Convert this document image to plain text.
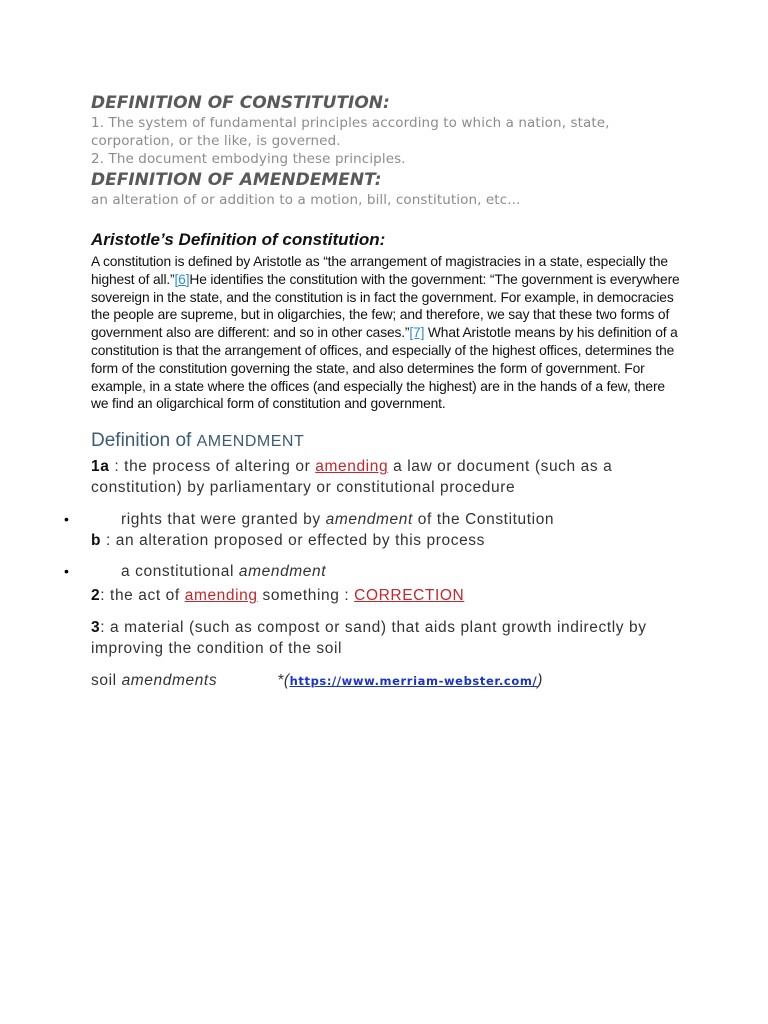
DEFINITION OF CONSTITUTION:

1. The system of fundamental principles according to which a nation, state,

corporation, or the like, is governed.

2. The document embodying these principles.

DEFINITION OF AMENDEMENT:

an alteration of or addition to a motion, bill, constitution, etc...

Aristotle’s Definition of constitution:

A constitution is defined by Aristotle as “the arrangement of magistracies in a state, especially the highest of all.”[6]He identifies the constitution with the government: “The government is everywhere sovereign in the state, and the constitution is in fact the government. For example, in democracies the people are supreme, but in oligarchies, the few; and therefore, we say that these two forms of government also are different: and so in other cases.”[7] What Aristotle means by his definition of a constitution is that the arrangement of offices, and especially of the highest offices, determines the form of the constitution governing the state, and also determines the form of government. For example, in a state where the offices (and especially the highest) are in the hands of a few, there we find an oligarchical form of constitution and government.

Definition of AMENDMENT

1a : the process of altering or amending a law or document (such as a constitution) by parliamentary or constitutional procedure

•	rights that were granted by amendment of the Constitution

b : an alteration proposed or effected by this process

•	a constitutional amendment

2: the act of amending something : CORRECTION

3: a material (such as compost or sand) that aids plant growth indirectly by improving the condition of the soil

soil amendments	*(https://www.merriam-webster.com/)
